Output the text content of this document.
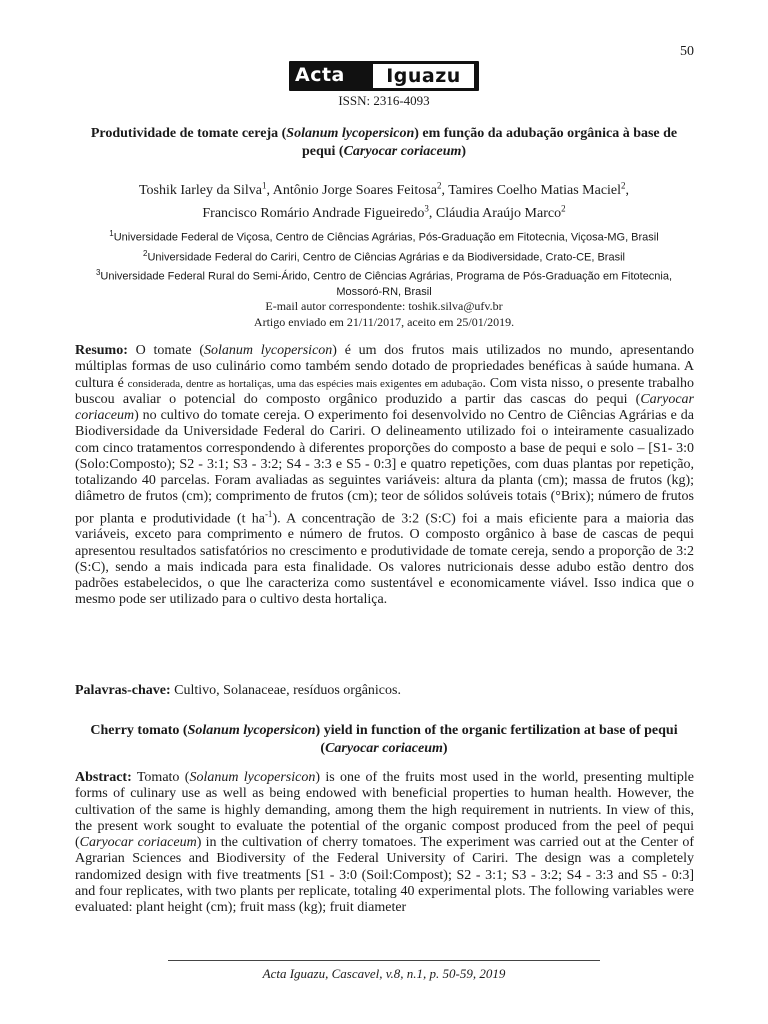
50
Acta	Iguazu
ISSN: 2316-4093
Produtividade de tomate cereja (Solanum lycopersicon) em função da adubação orgânica à base de pequi (Caryocar coriaceum)
Toshik Iarley da Silva$^1$, Antônio Jorge Soares Feitosa$^2$, Tamires Coelho Matias Maciel$^2$,
Francisco Romário Andrade Figueiredo$^3$, Cláudia Araújo Marco$^2$
$^1$Universidade Federal de Viçosa, Centro de Ciências Agrárias, Pós-Graduação em Fitotecnia, Viçosa-MG, Brasil
$^2$Universidade Federal do Cariri, Centro de Ciências Agrárias e da Biodiversidade, Crato-CE, Brasil
$^3$Universidade Federal Rural do Semi-Árido, Centro de Ciências Agrárias, Programa de Pós-Graduação em Fitotecnia, Mossoró-RN, Brasil
E-mail autor correspondente: toshik.silva@ufv.br
Artigo enviado em 21/11/2017, aceito em 25/01/2019.
Resumo: O tomate (Solanum lycopersicon) é um dos frutos mais utilizados no mundo, apresentando múltiplas formas de uso culinário como também sendo dotado de propriedades benéficas à saúde humana. A cultura é considerada, dentre as hortaliças, uma das espécies mais exigentes em adubação. Com vista nisso, o presente trabalho buscou avaliar o potencial do composto orgânico produzido a partir das cascas do pequi (Caryocar coriaceum) no cultivo do tomate cereja. O experimento foi desenvolvido no Centro de Ciências Agrárias e da Biodiversidade da Universidade Federal do Cariri. O delineamento utilizado foi o inteiramente casualizado com cinco tratamentos correspondendo à diferentes proporções do composto a base de pequi e solo – [S1- 3:0 (Solo:Composto); S2 - 3:1; S3 - 3:2; S4 - 3:3 e S5 - 0:3] e quatro repetições, com duas plantas por repetição, totalizando 40 parcelas. Foram avaliadas as seguintes variáveis: altura da planta (cm); massa de frutos (kg); diâmetro de frutos (cm); comprimento de frutos (cm); teor de sólidos solúveis totais (°Brix); número de frutos por planta e produtividade (t $ha^{-1}$). A concentração de 3:2 (S:C) foi a mais eficiente para a maioria das variáveis, exceto para comprimento e número de frutos. O composto orgânico à base de cascas de pequi apresentou resultados satisfatórios no crescimento e produtividade de tomate cereja, sendo a proporção de 3:2 (S:C), sendo a mais indicada para esta finalidade. Os valores nutricionais desse adubo estão dentro dos padrões estabelecidos, o que lhe caracteriza como sustentável e economicamente viável. Isso indica que o mesmo pode ser utilizado para o cultivo desta hortaliça.
Palavras-chave: Cultivo, Solanaceae, resíduos orgânicos.
Cherry tomato (Solanum lycopersicon) yield in function of the organic fertilization at base of pequi (Caryocar coriaceum)
Abstract: Tomato (Solanum lycopersicon) is one of the fruits most used in the world, presenting multiple forms of culinary use as well as being endowed with beneficial properties to human health. However, the cultivation of the same is highly demanding, among them the high requirement in nutrients. In view of this, the present work sought to evaluate the potential of the organic compost produced from the peel of pequi (Caryocar coriaceum) in the cultivation of cherry tomatoes. The experiment was carried out at the Center of Agrarian Sciences and Biodiversity of the Federal University of Cariri. The design was a completely randomized design with five treatments [S1 - 3:0 (Soil:Compost); S2 - 3:1; S3 - 3:2; S4 - 3:3 and S5 - 0:3] and four replicates, with two plants per replicate, totaling 40 experimental plots. The following variables were evaluated: plant height (cm); fruit mass (kg); fruit diameter
Acta Iguazu, Cascavel, v.8, n.1, p. 50-59, 2019
